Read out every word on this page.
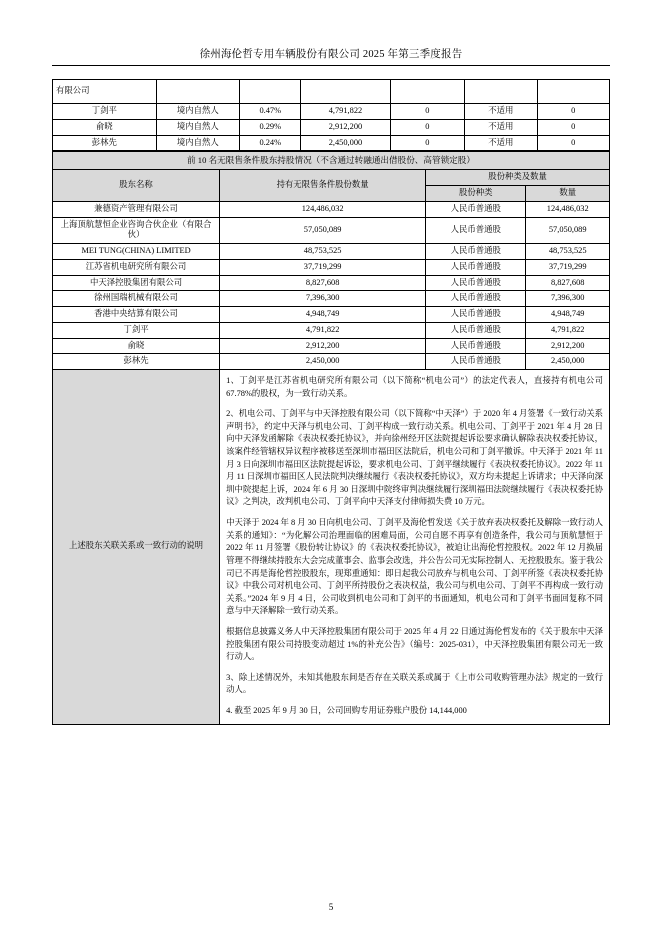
徐州海伦哲专用车辆股份有限公司 2025 年第三季度报告
有限公司						
丁剑平	境内自然人	0.47%	4,791,822	0	不适用	0
俞晓	境内自然人	0.29%	2,912,200	0	不适用	0
彭林先	境内自然人	0.24%	2,450,000	0	不适用	0
前 10 名无限售条件股东持股情况（不含通过转融通出借股份、高管锁定股）			
股东名称	持有无限售条件股份数量	股份种类及数量	
		股份种类	数量
兼德资产管理有限公司	124,486,032	人民币普通股	124,486,032
上海顶航慧恒企业咨询合伙企业（有限合伙）	57,050,089	人民币普通股	57,050,089
MEI TUNG(CHINA) LIMITED	48,753,525	人民币普通股	48,753,525
江苏省机电研究所有限公司	37,719,299	人民币普通股	37,719,299
中天泽控股集团有限公司	8,827,608	人民币普通股	8,827,608
徐州国瑞机械有限公司	7,396,300	人民币普通股	7,396,300
香港中央结算有限公司	4,948,749	人民币普通股	4,948,749
丁剑平	4,791,822	人民币普通股	4,791,822
俞晓	2,912,200	人民币普通股	2,912,200
彭林先	2,450,000	人民币普通股	2,450,000
上述股东关联关系或一致行动的说明	

1、丁剑平是江苏省机电研究所有限公司（以下简称“机电公司”）的法定代表人，直接持有机电公司 67.78%的股权，为一致行动关系。

2、机电公司、丁剑平与中天泽控股有限公司（以下简称“中天泽”）于 2020 年 4 月签署《一致行动关系声明书》，约定中天泽与机电公司、丁剑平构成一致行动关系。机电公司、丁剑平于 2021 年 4 月 28 日向中天泽发函解除《表决权委托协议》，并向徐州经开区法院提起诉讼要求确认解除表决权委托协议，该案件经管辖权异议程序被移送至深圳市福田区法院后，机电公司和丁剑平撤诉。中天泽于 2021 年 11 月 3 日向深圳市福田区法院提起诉讼，要求机电公司、丁剑平继续履行《表决权委托协议》。2022 年 11 月 11 日深圳市福田区人民法院判决继续履行《表决权委托协议》，双方均未提起上诉请求；中天泽向深圳中院提起上诉，2024 年 6 月 30 日深圳中院终审判决继续履行深圳福田法院继续履行《表决权委托协议》之判决，改判机电公司、丁剑平向中天泽支付律师损失费 10 万元。

中天泽于 2024 年 8 月 30 日向机电公司、丁剑平及海伦哲发送《关于放弃表决权委托及解除一致行动人关系的通知》：“为化解公司治理面临的困难局面，公司自愿不再享有创造条件，我公司与顶航慧恒于 2022 年 11 月签署《股份转让协议》的《表决权委托协议》，被迫让出海伦哲控股权。2022 年 12 月换届管理不得继续持股东大会完成董事会、监事会改选，并公告公司无实际控制人、无控股股东。鉴于我公司已不再是海伦哲控股股东，现郑重通知：即日起我公司放弃与机电公司、丁剑平所签《表决权委托协议》中我公司对机电公司、丁剑平所持股份之表决权益，我公司与机电公司、丁剑平不再构成一致行动关系。”2024 年 9 月 4 日，公司收到机电公司和丁剑平的书面通知，机电公司和丁剑平书面回复称不同意与中天泽解除一致行动关系。

根据信息披露义务人中天泽控股集团有限公司于 2025 年 4 月 22 日通过海伦哲发布的《关于股东中天泽控股集团有限公司持股变动超过 1%的补充公告》（编号：2025-031），中天泽控股集团有限公司无一致行动人。

3、除上述情况外，未知其他股东间是否存在关联关系或属于《上市公司收购管理办法》规定的一致行动人。

4. 截至 2025 年 9 月 30 日，公司回购专用证券账户股份 14,144,000

5
